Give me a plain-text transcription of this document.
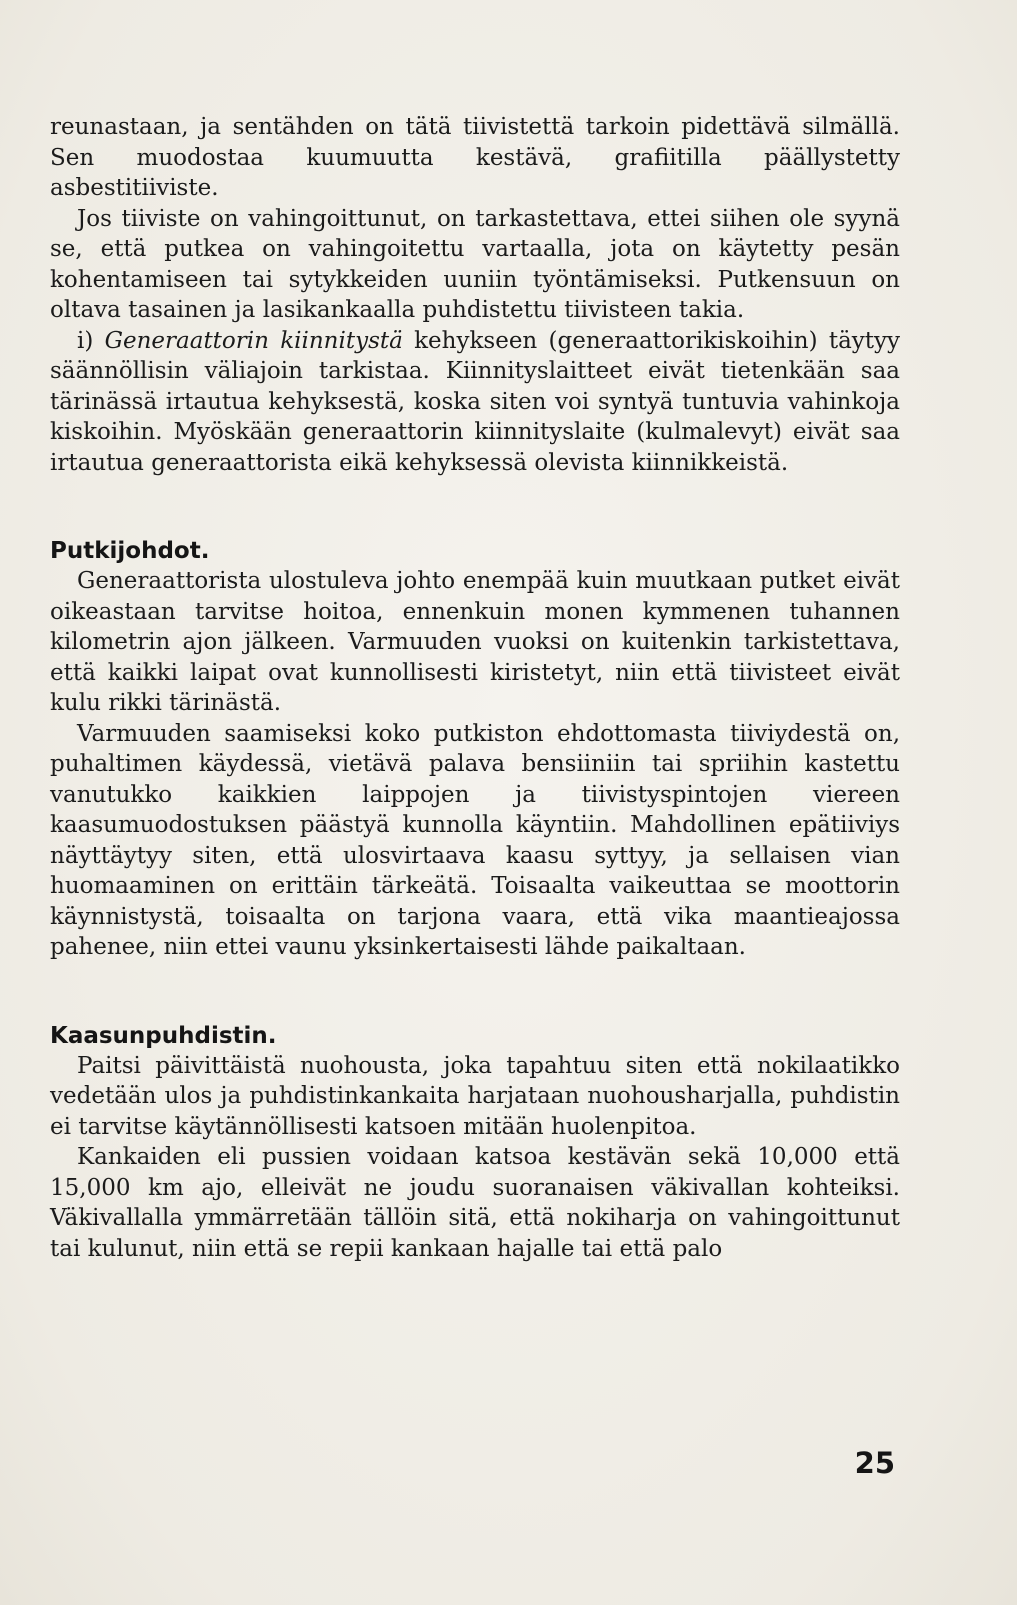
reunastaan, ja sentähden on tätä tiivistettä tarkoin pidettävä silmällä. Sen muodostaa kuumuutta kestävä, grafiitilla päällystetty asbestitiiviste.

Jos tiiviste on vahingoittunut, on tarkastettava, ettei siihen ole syynä se, että putkea on vahingoitettu vartaalla, jota on käytetty pesän kohentamiseen tai sytykkeiden uuniin työntämiseksi. Putkensuun on oltava tasainen ja lasikankaalla puhdistettu tiivisteen takia.

i) Generaattorin kiinnitystä kehykseen (generaattorikiskoihin) täytyy säännöllisin väliajoin tarkistaa. Kiinnityslaitteet eivät tietenkään saa tärinässä irtautua kehyksestä, koska siten voi syntyä tuntuvia vahinkoja kiskoihin. Myöskään generaattorin kiinnityslaite (kulmalevyt) eivät saa irtautua generaattorista eikä kehyksessä olevista kiinnikkeistä.

Putkijohdot.

Generaattorista ulostuleva johto enempää kuin muutkaan putket eivät oikeastaan tarvitse hoitoa, ennenkuin monen kymmenen tuhannen kilometrin ajon jälkeen. Varmuuden vuoksi on kuitenkin tarkistettava, että kaikki laipat ovat kunnollisesti kiristetyt, niin että tiivisteet eivät kulu rikki tärinästä.

Varmuuden saamiseksi koko putkiston ehdottomasta tiiviydestä on, puhaltimen käydessä, vietävä palava bensiiniin tai spriihin kastettu vanutukko kaikkien laippojen ja tiivistyspintojen viereen kaasumuodostuksen päästyä kunnolla käyntiin. Mahdollinen epätiiviys näyttäytyy siten, että ulosvirtaava kaasu syttyy, ja sellaisen vian huomaaminen on erittäin tärkeätä. Toisaalta vaikeuttaa se moottorin käynnistystä, toisaalta on tarjona vaara, että vika maantieajossa pahenee, niin ettei vaunu yksinkertaisesti lähde paikaltaan.

Kaasunpuhdistin.

Paitsi päivittäistä nuohousta, joka tapahtuu siten että nokilaatikko vedetään ulos ja puhdistinkankaita harjataan nuohousharjalla, puhdistin ei tarvitse käytännöllisesti katsoen mitään huolenpitoa.

Kankaiden eli pussien voidaan katsoa kestävän sekä 10,000 että 15,000 km ajo, elleivät ne joudu suoranaisen väkivallan kohteiksi. Väkivallalla ymmärretään tällöin sitä, että nokiharja on vahingoittunut tai kulunut, niin että se repii kankaan hajalle tai että palo

25
